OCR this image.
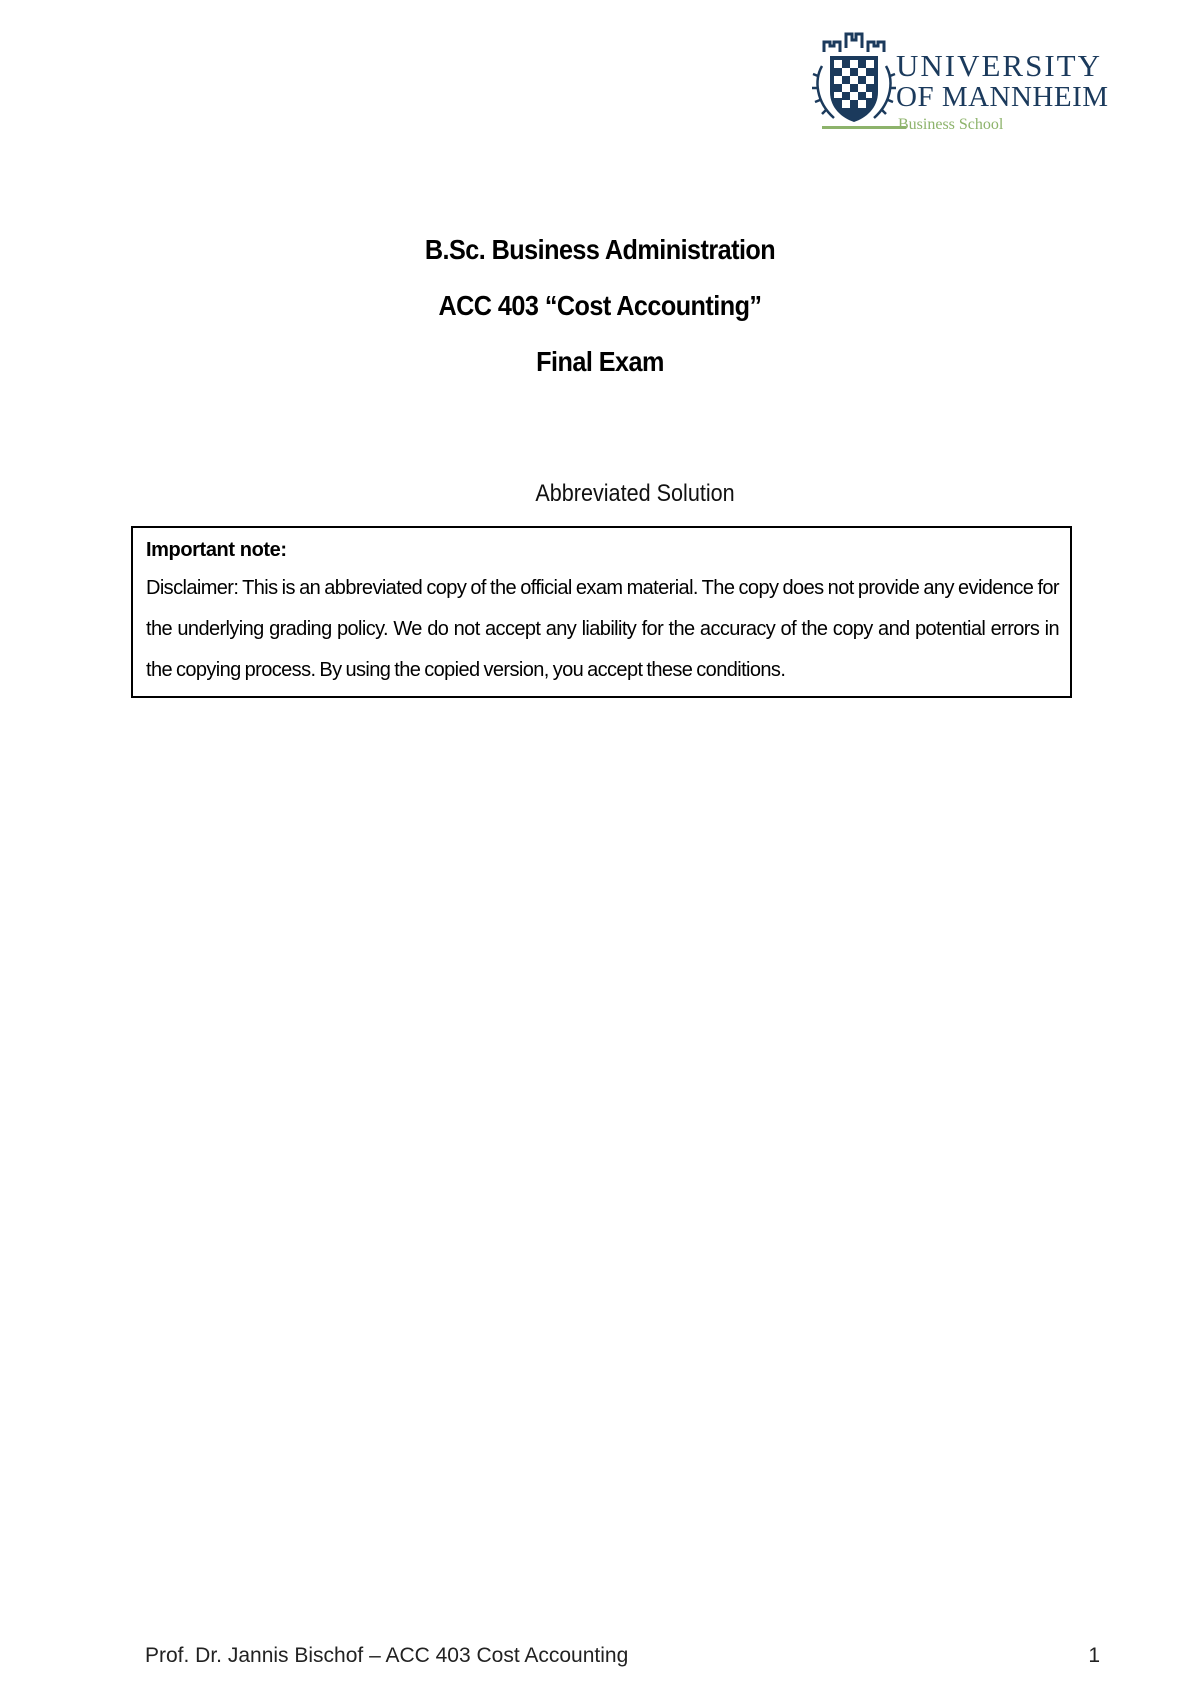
UNIVERSITY
OF MANNHEIM
Business School
B.Sc. Business Administration
ACC 403 “Cost Accounting”
Final Exam
Abbreviated Solution
Important note:
Disclaimer: This is an abbreviated copy of the official exam material. The copy does not provide any evidence for the underlying grading policy. We do not accept any liability for the accuracy of the copy and potential errors in the copying process. By using the copied version, you accept these conditions.
Prof. Dr. Jannis Bischof – ACC 403 Cost Accounting	1
